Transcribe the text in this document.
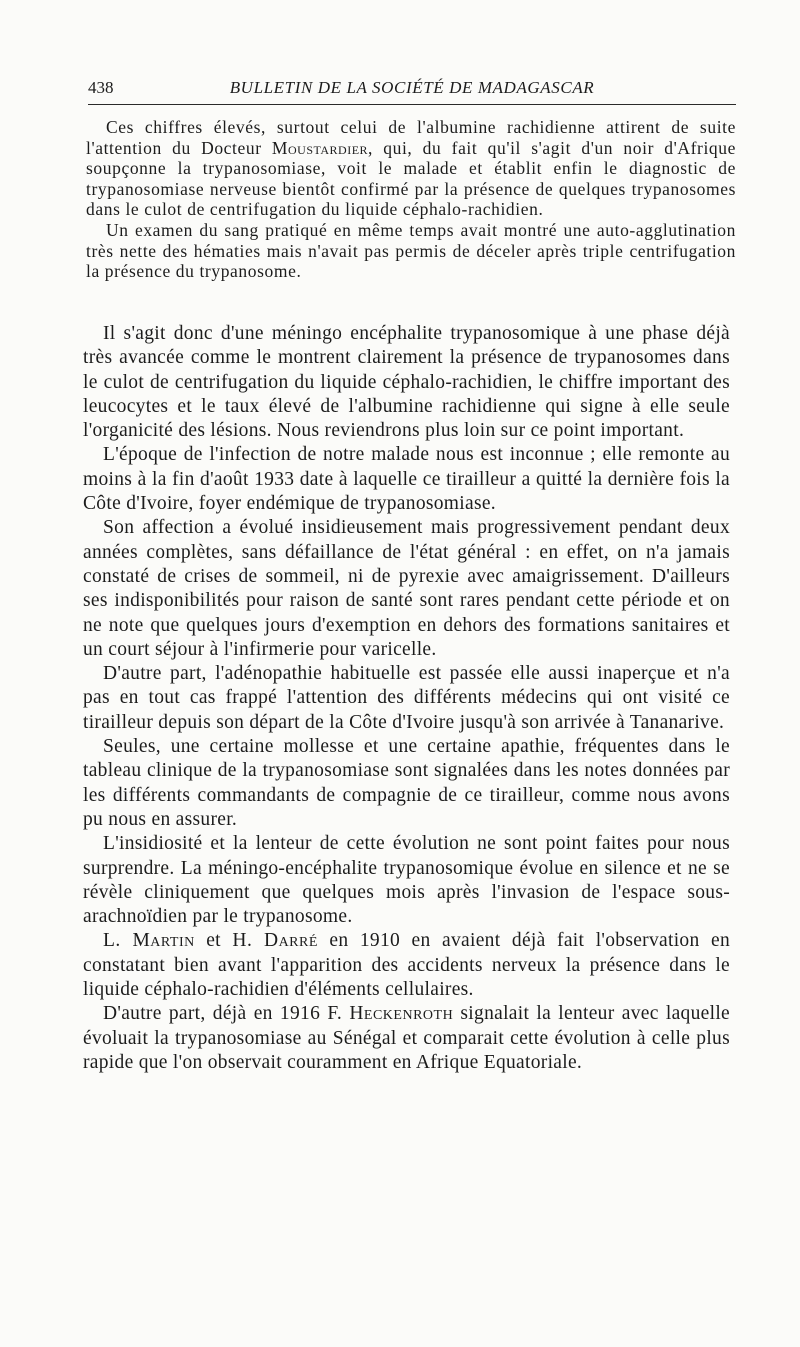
438	BULLETIN DE LA SOCIÉTÉ DE MADAGASCAR

Ces chiffres élevés, surtout celui de l'albumine rachidienne attirent de suite l'attention du Docteur Moustardier, qui, du fait qu'il s'agit d'un noir d'Afrique soupçonne la trypanosomiase, voit le malade et établit enfin le diagnostic de trypanosomiase nerveuse bientôt confirmé par la présence de quelques trypanosomes dans le culot de centrifugation du liquide céphalo-rachidien.

Un examen du sang pratiqué en même temps avait montré une auto-agglutination très nette des hématies mais n'avait pas permis de déceler après triple centrifugation la présence du trypanosome.

Il s'agit donc d'une méningo encéphalite trypanosomique à une phase déjà très avancée comme le montrent clairement la présence de trypanosomes dans le culot de centrifugation du liquide céphalo-rachidien, le chiffre important des leucocytes et le taux élevé de l'albumine rachidienne qui signe à elle seule l'organicité des lésions. Nous reviendrons plus loin sur ce point important.

L'époque de l'infection de notre malade nous est inconnue ; elle remonte au moins à la fin d'août 1933 date à laquelle ce tirailleur a quitté la dernière fois la Côte d'Ivoire, foyer endémique de trypanosomiase.

Son affection a évolué insidieusement mais progressivement pendant deux années complètes, sans défaillance de l'état général : en effet, on n'a jamais constaté de crises de sommeil, ni de pyrexie avec amaigrissement. D'ailleurs ses indisponibilités pour raison de santé sont rares pendant cette période et on ne note que quelques jours d'exemption en dehors des formations sanitaires et un court séjour à l'infirmerie pour varicelle.

D'autre part, l'adénopathie habituelle est passée elle aussi inaperçue et n'a pas en tout cas frappé l'attention des différents médecins qui ont visité ce tirailleur depuis son départ de la Côte d'Ivoire jusqu'à son arrivée à Tananarive.

Seules, une certaine mollesse et une certaine apathie, fréquentes dans le tableau clinique de la trypanosomiase sont signalées dans les notes données par les différents commandants de compagnie de ce tirailleur, comme nous avons pu nous en assurer.

L'insidiosité et la lenteur de cette évolution ne sont point faites pour nous surprendre. La méningo-encéphalite trypanosomique évolue en silence et ne se révèle cliniquement que quelques mois après l'invasion de l'espace sous-arachnoïdien par le trypanosome.

L. Martin et H. Darré en 1910 en avaient déjà fait l'observation en constatant bien avant l'apparition des accidents nerveux la présence dans le liquide céphalo-rachidien d'éléments cellulaires.

D'autre part, déjà en 1916 F. Heckenroth signalait la lenteur avec laquelle évoluait la trypanosomiase au Sénégal et comparait cette évolution à celle plus rapide que l'on observait couramment en Afrique Equatoriale.
